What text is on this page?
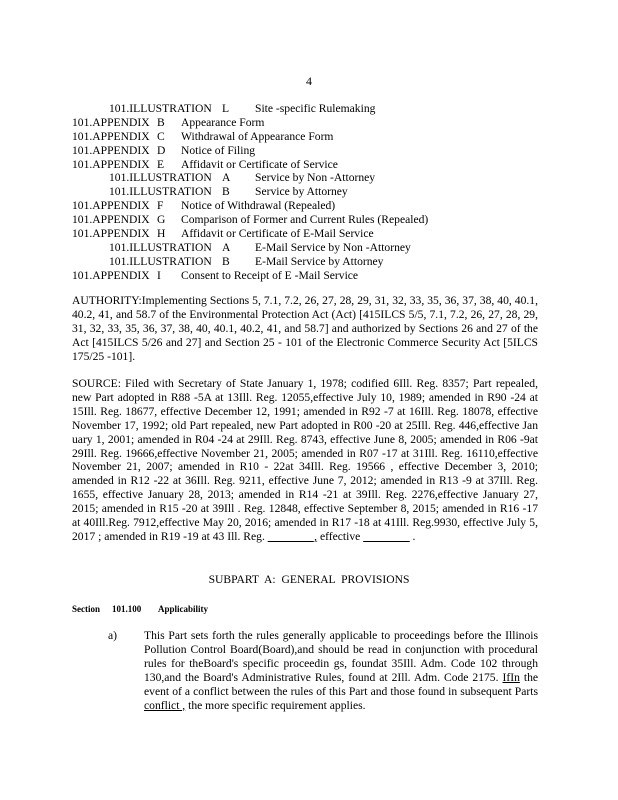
4
101.ILLUSTRATION L Site -specific Rulemaking
101.APPENDIX B Appearance Form
101.APPENDIX C Withdrawal of Appearance Form
101.APPENDIX D Notice of Filing
101.APPENDIX E Affidavit or Certificate of Service
101.ILLUSTRATION A Service by Non -Attorney
101.ILLUSTRATION B Service by Attorney
101.APPENDIX F Notice of Withdrawal (Repealed)
101.APPENDIX G Comparison of Former and Current Rules (Repealed)
101.APPENDIX H Affidavit or Certificate of E-Mail Service
101.ILLUSTRATION A E-Mail Service by Non -Attorney
101.ILLUSTRATION B E-Mail Service by Attorney
101.APPENDIX I Consent to Receipt of E -Mail Service
AUTHORITY:Implementing Sections 5, 7.1, 7.2, 26, 27, 28, 29, 31, 32, 33, 35, 36, 37, 38, 40, 40.1, 40.2, 41, and 58.7 of the Environmental Protection Act (Act) [415ILCS 5/5, 7.1, 7.2, 26, 27, 28, 29, 31, 32, 33, 35, 36, 37, 38, 40, 40.1, 40.2, 41, and 58.7] and authorized by Sections 26 and 27 of the Act [415ILCS 5/26 and 27] and Section 25 - 101 of the Electronic Commerce Security Act [5ILCS 175/25 -101].
SOURCE: Filed with Secretary of State January 1, 1978; codified 6Ill. Reg. 8357; Part repealed, new Part adopted in R88 -5A at 13Ill. Reg. 12055,effective July 10, 1989; amended in R90 -24 at 15Ill. Reg. 18677, effective December 12, 1991; amended in R92 -7 at 16Ill. Reg. 18078, effective November 17, 1992; old Part repealed, new Part adopted in R00 -20 at 25Ill. Reg. 446,effective Jan uary 1, 2001; amended in R04 -24 at 29Ill. Reg. 8743, effective June 8, 2005; amended in R06 -9at 29Ill. Reg. 19666,effective November 21, 2005; amended in R07 -17 at 31Ill. Reg. 16110,effective November 21, 2007; amended in R10 - 22at 34Ill. Reg. 19566 , effective December 3, 2010; amended in R12 -22 at 36Ill. Reg. 9211, effective June 7, 2012; amended in R13 -9 at 37Ill. Reg. 1655, effective January 28, 2013; amended in R14 -21 at 39Ill. Reg. 2276,effective January 27, 2015; amended in R15 -20 at 39Ill . Reg. 12848, effective September 8, 2015; amended in R16 -17 at 40Ill.Reg. 7912,effective May 20, 2016; amended in R17 -18 at 41Ill. Reg.9930, effective July 5, 2017 ; amended in R19 -19 at 43 Ill. Reg. ________, effective ________ .
SUBPART A: GENERAL PROVISIONS
Section 101.100 Applicability
a) This Part sets forth the rules generally applicable to proceedings before the Illinois Pollution Control Board(Board),and should be read in conjunction with procedural rules for theBoard's specific proceedin gs, foundat 35Ill. Adm. Code 102 through 130,and the Board's Administrative Rules, found at 2Ill. Adm. Code 2175. IfIn the event of a conflict between the rules of this Part and those found in subsequent Parts conflict , the more specific requirement applies.
